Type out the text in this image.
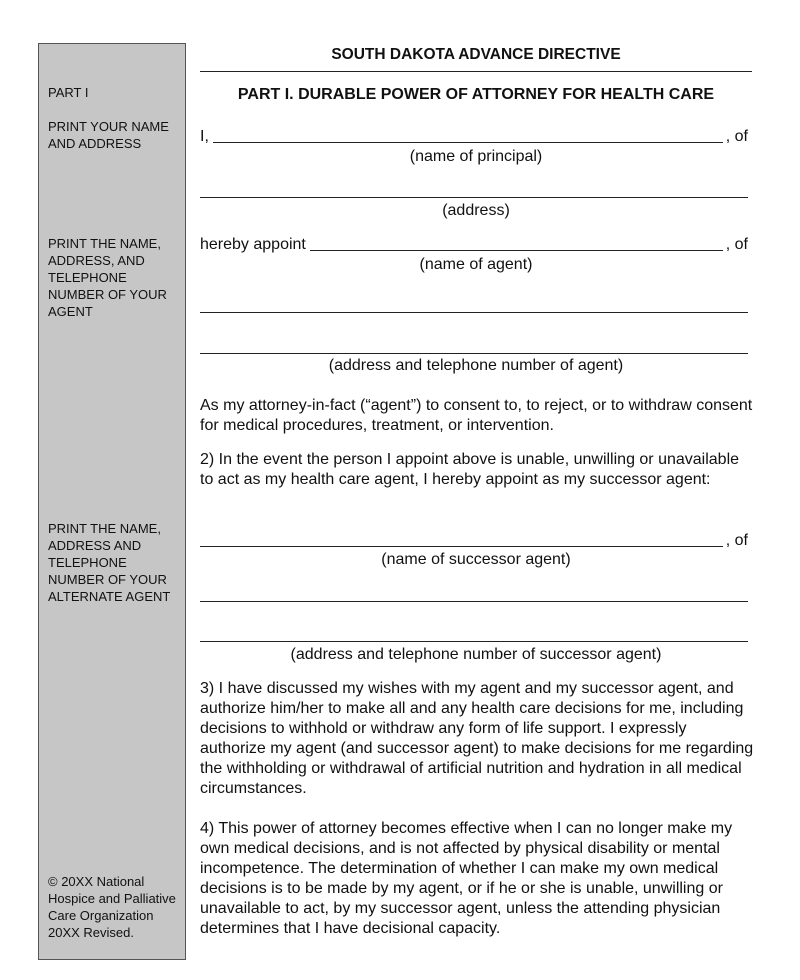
PART I
PRINT YOUR NAME AND ADDRESS
PRINT THE NAME, ADDRESS, AND TELEPHONE NUMBER OF YOUR AGENT
PRINT THE NAME, ADDRESS AND TELEPHONE NUMBER OF YOUR ALTERNATE AGENT
© 20XX National Hospice and Palliative Care Organization 20XX Revised.
SOUTH DAKOTA ADVANCE DIRECTIVE
PART I. DURABLE POWER OF ATTORNEY FOR HEALTH CARE
I,	, of
(name of principal)
(address)
hereby appoint	, of
(name of agent)
(address and telephone number of agent)

As my attorney-in-fact (“agent”) to consent to, to reject, or to withdraw consent for medical procedures, treatment, or intervention.

2) In the event the person I appoint above is unable, unwilling or unavailable to act as my health care agent, I hereby appoint as my successor agent:

, of
(name of successor agent)
(address and telephone number of successor agent)

3) I have discussed my wishes with my agent and my successor agent, and authorize him/her to make all and any health care decisions for me, including decisions to withhold or withdraw any form of life support. I expressly authorize my agent (and successor agent) to make decisions for me regarding the withholding or withdrawal of artificial nutrition and hydration in all medical circumstances.

4) This power of attorney becomes effective when I can no longer make my own medical decisions, and is not affected by physical disability or mental incompetence. The determination of whether I can make my own medical decisions is to be made by my agent, or if he or she is unable, unwilling or unavailable to act, by my successor agent, unless the attending physician determines that I have decisional capacity.
